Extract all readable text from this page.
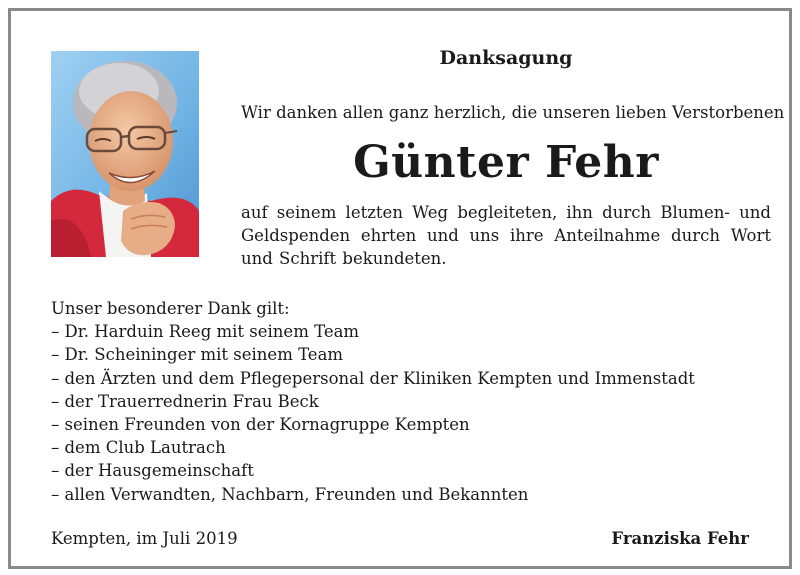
Danksagung
Wir danken allen ganz herzlich, die unseren lieben Verstorbenen
Günter Fehr
auf seinem letzten Weg begleiteten, ihn durch Blumen- und Geldspenden ehrten und uns ihre Anteilnahme durch Wort und Schrift bekundeten.
Unser besonderer Dank gilt:
– Dr. Harduin Reeg mit seinem Team
– Dr. Scheininger mit seinem Team
– den Ärzten und dem Pflegepersonal der Kliniken Kempten und Immenstadt
– der Trauerrednerin Frau Beck
– seinen Freunden von der Kornagruppe Kempten
– dem Club Lautrach
– der Hausgemeinschaft
– allen Verwandten, Nachbarn, Freunden und Bekannten
Kempten, im Juli 2019	Franziska Fehr
